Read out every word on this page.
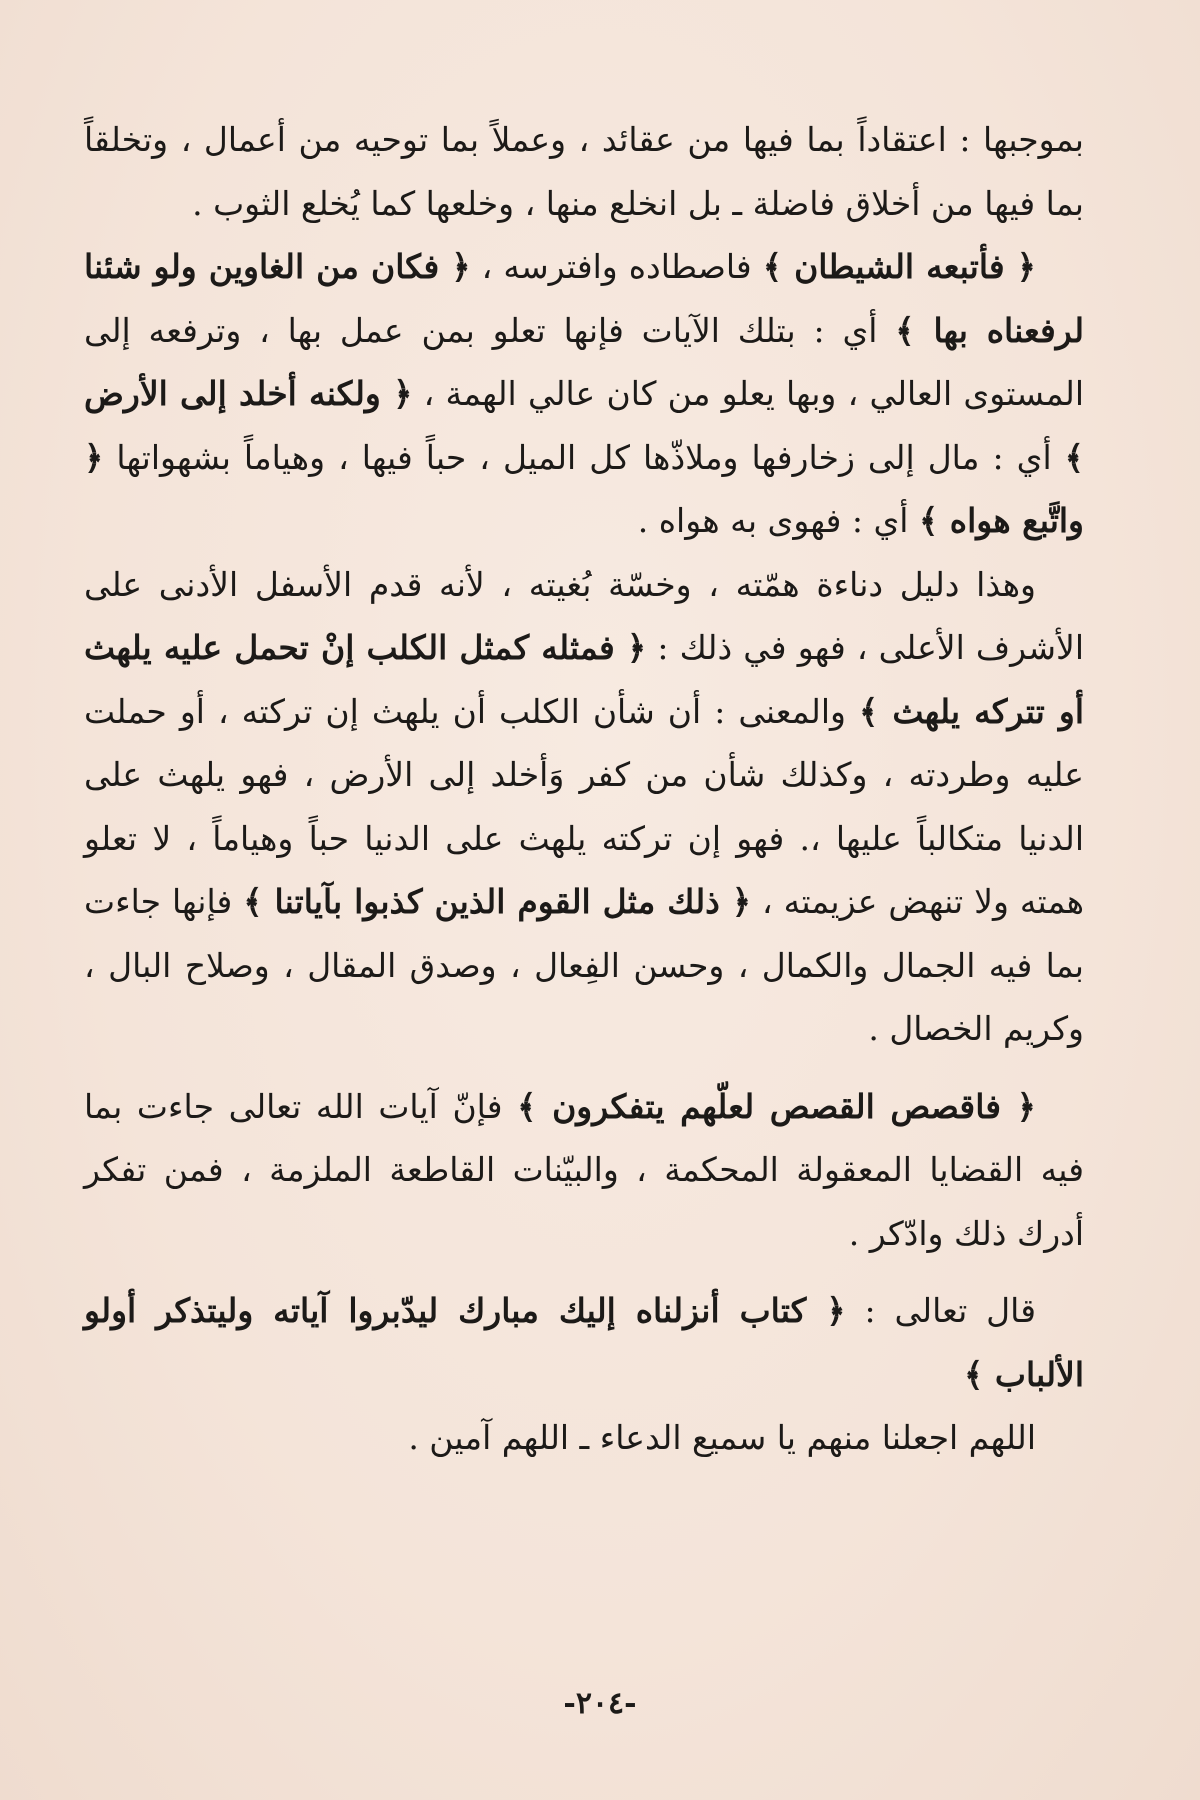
بموجبها : اعتقاداً بما فيها من عقائد ، وعملاً بما توحيه من أعمال ، وتخلقاً بما فيها من أخلاق فاضلة ـ بل انخلع منها ، وخلعها كما يُخلع الثوب .

﴿ فأتبعه الشيطان ﴾ فاصطاده وافترسه ، ﴿ فكان من الغاوين ولو شئنا لرفعناه بها ﴾ أي : بتلك الآيات فإنها تعلو بمن عمل بها ، وترفعه إلى المستوى العالي ، وبها يعلو من كان عالي الهمة ، ﴿ ولكنه أخلد إلى الأرض ﴾ أي : مال إلى زخارفها وملاذّها كل الميل ، حباً فيها ، وهياماً بشهواتها ﴿ واتَّبع هواه ﴾ أي : فهوى به هواه .

وهذا دليل دناءة همّته ، وخسّة بُغيته ، لأنه قدم الأسفل الأدنى على الأشرف الأعلى ، فهو في ذلك : ﴿ فمثله كمثل الكلب إنْ تحمل عليه يلهث أو تتركه يلهث ﴾ والمعنى : أن شأن الكلب أن يلهث إن تركته ، أو حملت عليه وطردته ، وكذلك شأن من كفر وَأخلد إلى الأرض ، فهو يلهث على الدنيا متكالباً عليها ،. فهو إن تركته يلهث على الدنيا حباً وهياماً ، لا تعلو همته ولا تنهض عزيمته ، ﴿ ذلك مثل القوم الذين كذبوا بآياتنا ﴾ فإنها جاءت بما فيه الجمال والكمال ، وحسن الفِعال ، وصدق المقال ، وصلاح البال ، وكريم الخصال .

﴿ فاقصص القصص لعلّهم يتفكرون ﴾ فإنّ آيات الله تعالى جاءت بما فيه القضايا المعقولة المحكمة ، والبيّنات القاطعة الملزمة ، فمن تفكر أدرك ذلك وادّكر .

قال تعالى : ﴿ كتاب أنزلناه إليك مبارك ليدّبروا آياته وليتذكر أولو الألباب ﴾

اللهم اجعلنا منهم يا سميع الدعاء ـ اللهم آمين .

-٢٠٤-
